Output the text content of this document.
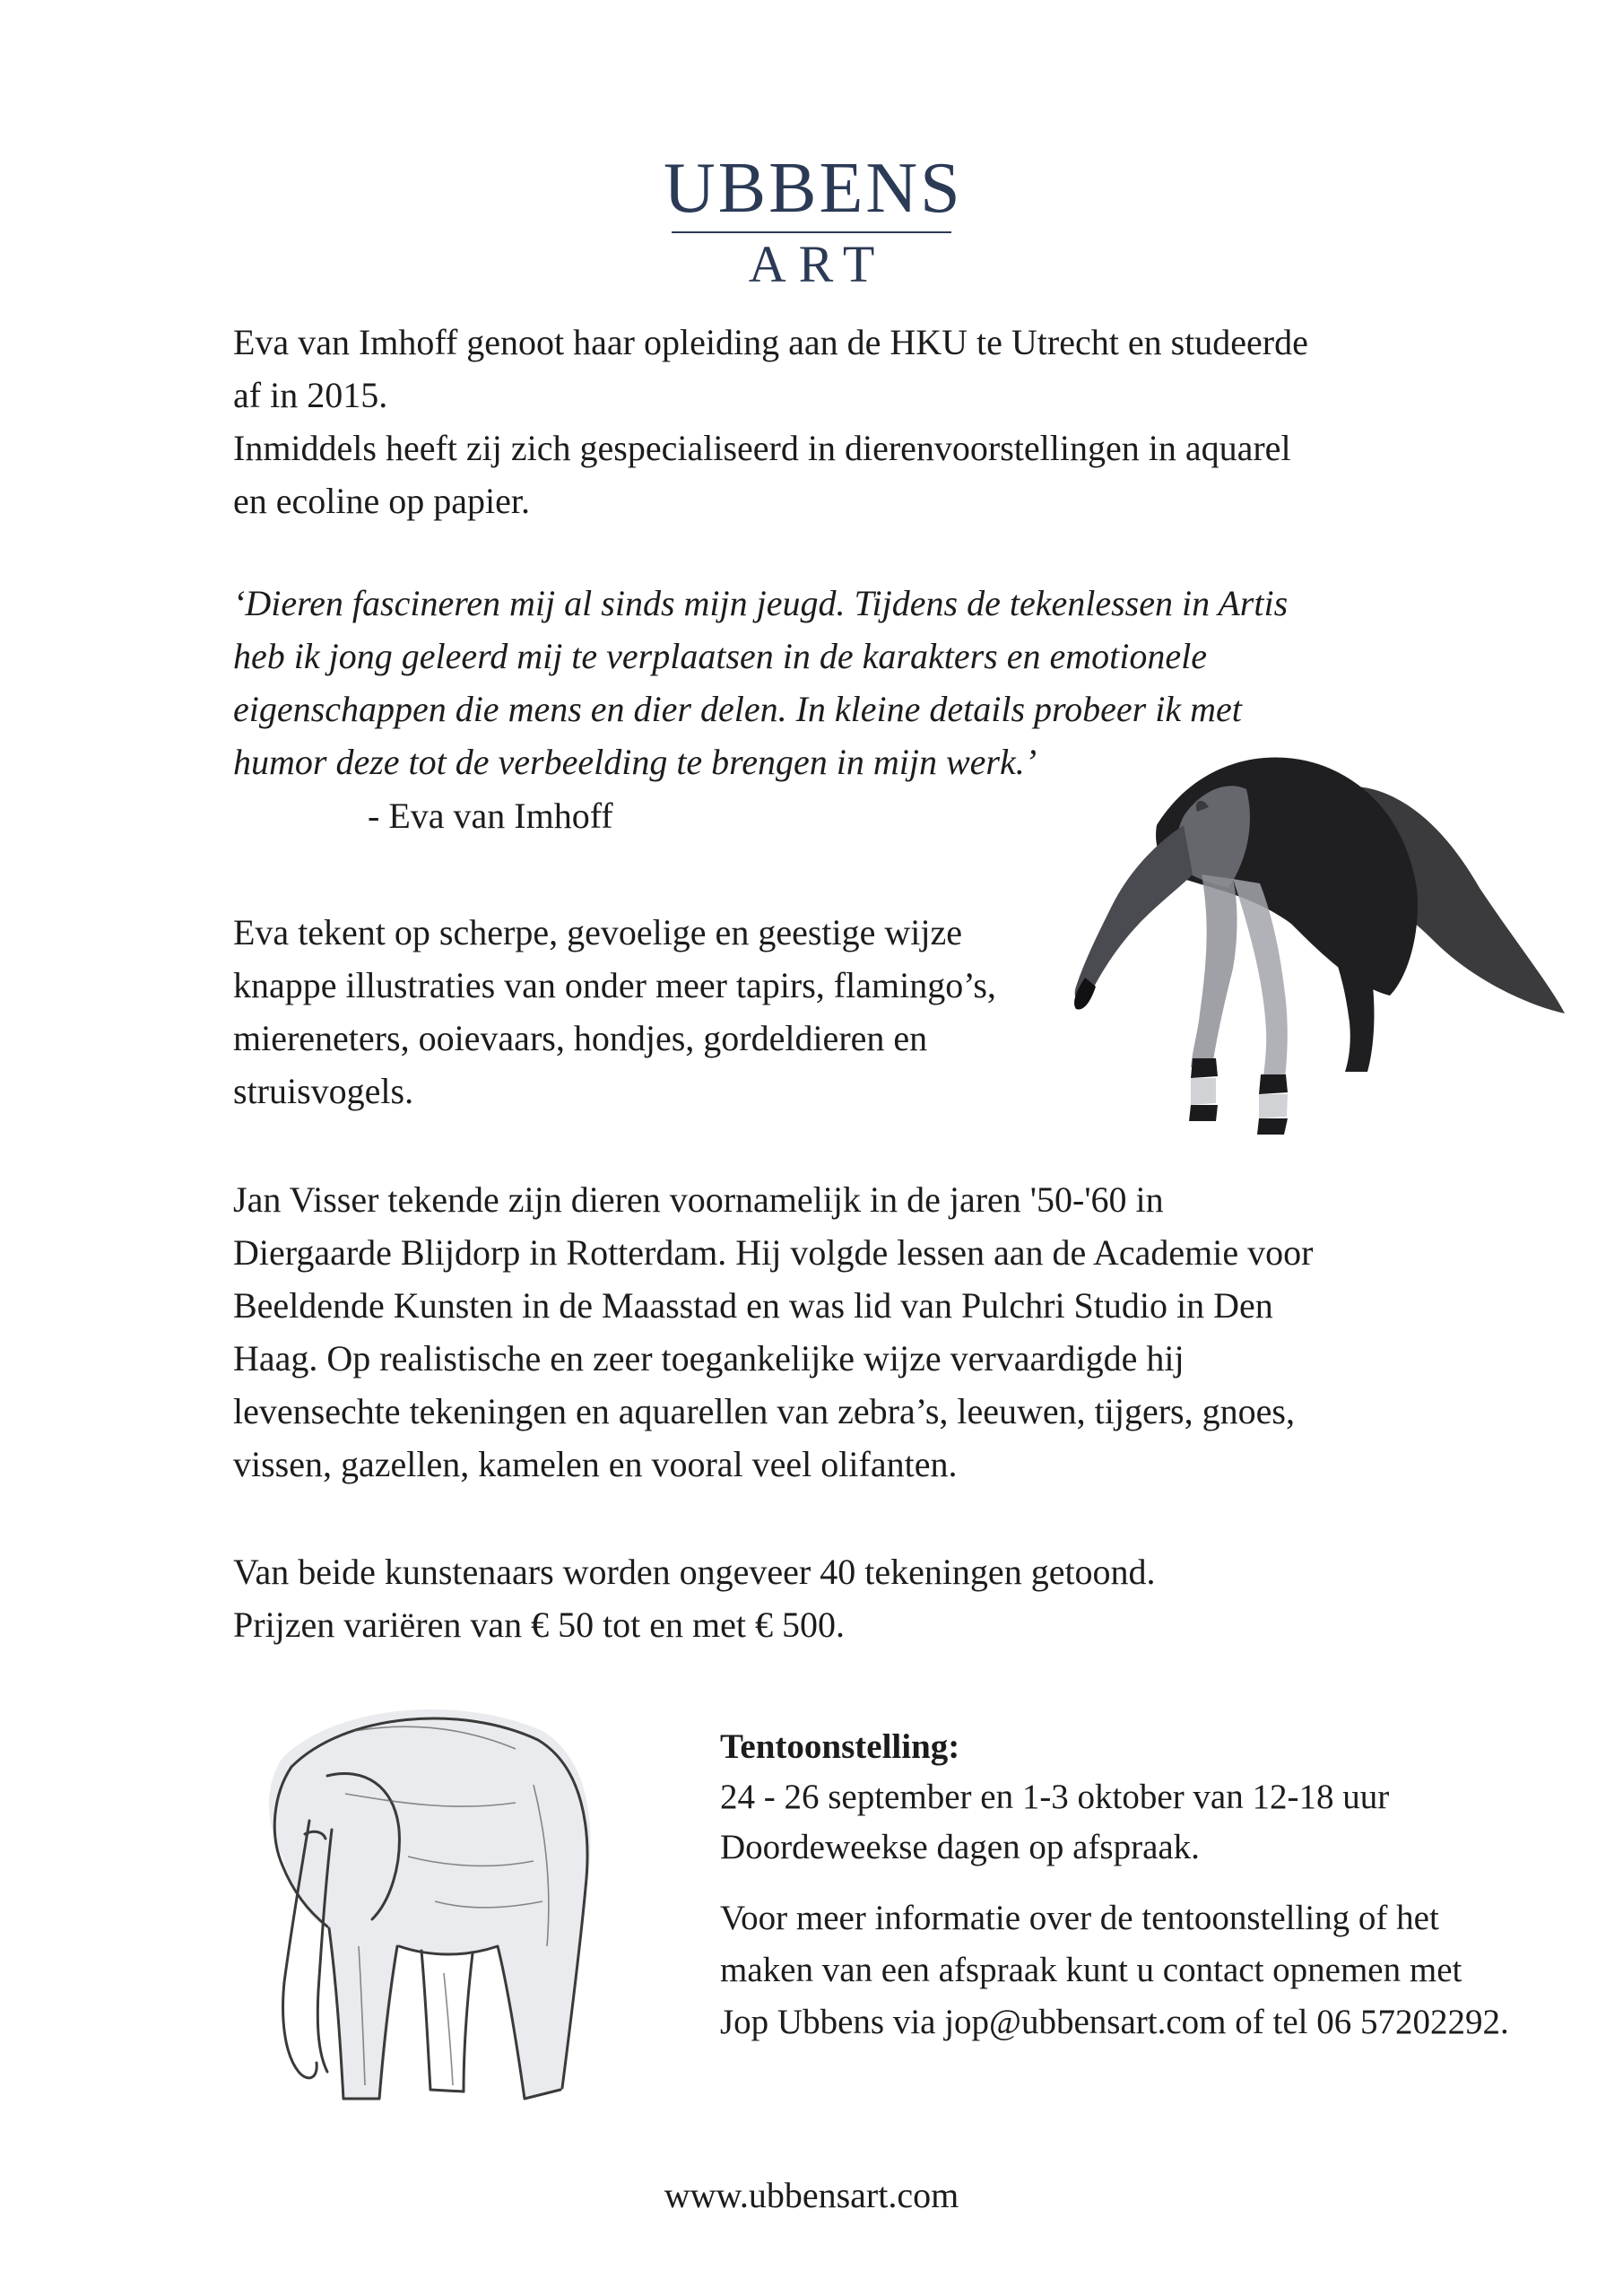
UBBENS
ART

Eva van Imhoff genoot haar opleiding aan de HKU te Utrecht en studeerde
af in 2015.
Inmiddels heeft zij zich gespecialiseerd in dierenvoorstellingen in aquarel
en ecoline op papier.

‘Dieren fascineren mij al sinds mijn jeugd. Tijdens de tekenlessen in Artis
heb ik jong geleerd mij te verplaatsen in de karakters en emotionele
eigenschappen die mens en dier delen. In kleine details probeer ik met
humor deze tot de verbeelding te brengen in mijn werk.’

- Eva van Imhoff

Eva tekent op scherpe, gevoelige en geestige wijze
knappe illustraties van onder meer tapirs, flamingo’s,
miereneters, ooievaars, hondjes, gordeldieren en
struisvogels.

Jan Visser tekende zijn dieren voornamelijk in de jaren '50-'60 in
Diergaarde Blijdorp in Rotterdam. Hij volgde lessen aan de Academie voor
Beeldende Kunsten in de Maasstad en was lid van Pulchri Studio in Den
Haag. Op realistische en zeer toegankelijke wijze vervaardigde hij
levensechte tekeningen en aquarellen van zebra’s, leeuwen, tijgers, gnoes,
vissen, gazellen, kamelen en vooral veel olifanten.

Van beide kunstenaars worden ongeveer 40 tekeningen getoond.
Prijzen variëren van € 50 tot en met € 500.

Tentoonstelling:
24 - 26 september en 1-3 oktober van 12-18 uur
Doordeweekse dagen op afspraak.

Voor meer informatie over de tentoonstelling of het
maken van een afspraak kunt u contact opnemen met
Jop Ubbens via jop@ubbensart.com of tel 06 57202292.

www.ubbensart.com
